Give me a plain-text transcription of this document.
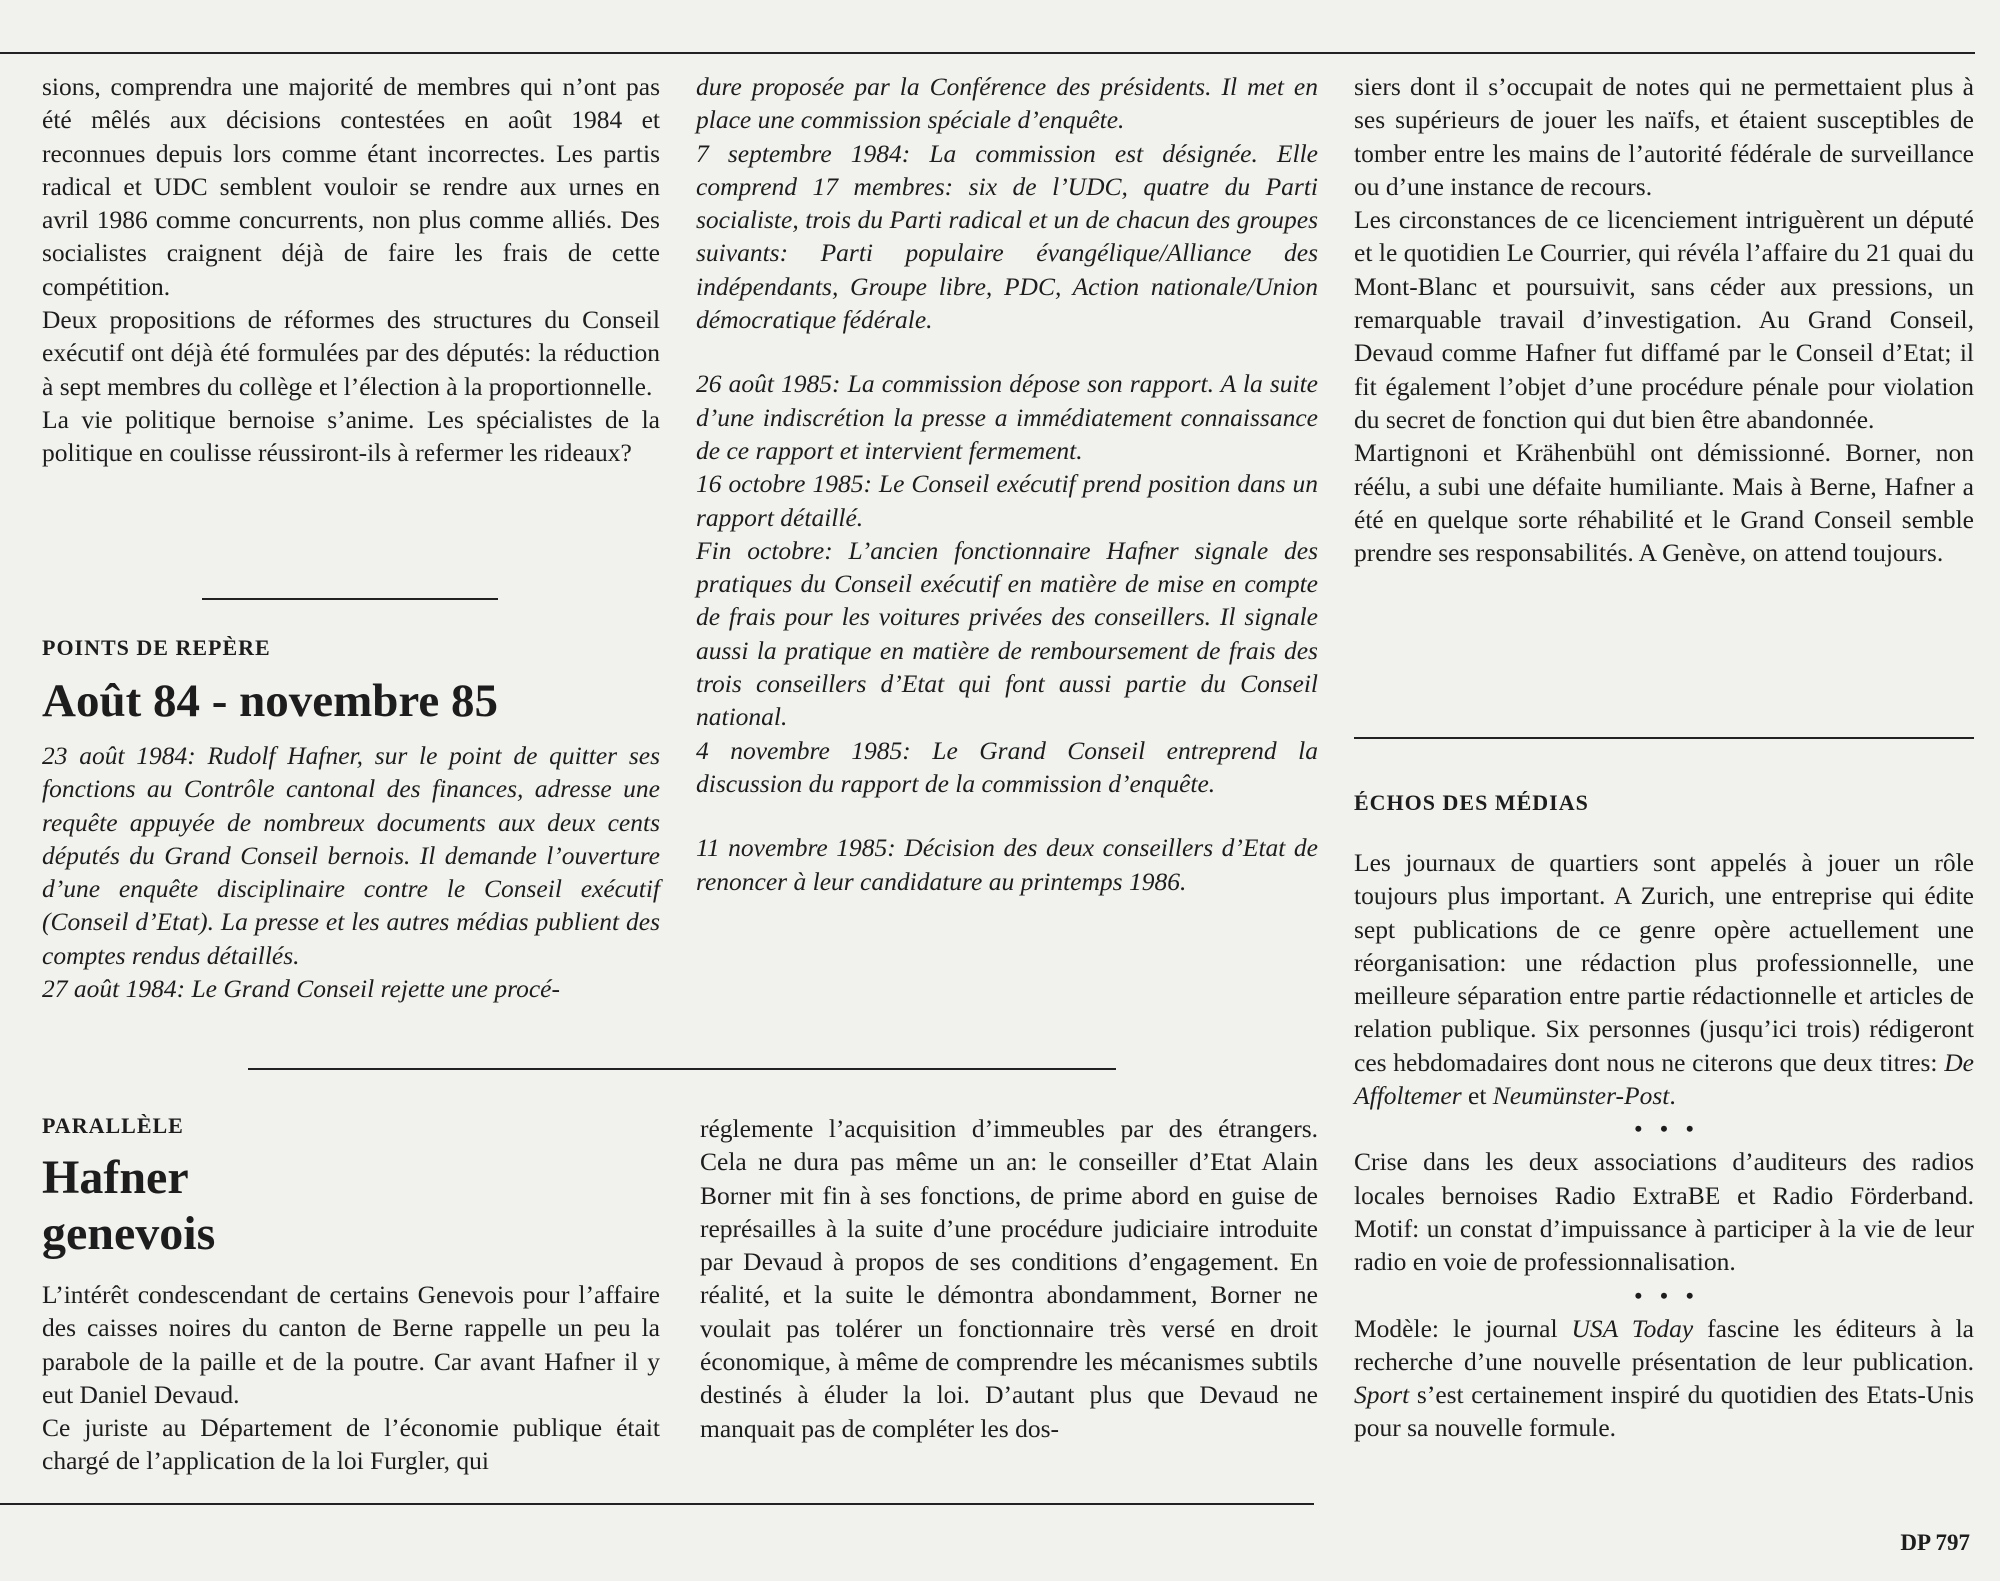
sions, comprendra une majorité de membres qui n’ont pas été mêlés aux décisions contestées en août 1984 et reconnues depuis lors comme étant incorrectes. Les partis radical et UDC semblent vouloir se rendre aux urnes en avril 1986 comme concurrents, non plus comme alliés. Des socialistes craignent déjà de faire les frais de cette compétition.

Deux propositions de réformes des structures du Conseil exécutif ont déjà été formulées par des députés: la réduction à sept membres du collège et l’élection à la proportionnelle.

La vie politique bernoise s’anime. Les spécialistes de la politique en coulisse réussiront-ils à refermer les rideaux?

POINTS DE REPÈRE
Août 84 - novembre 85

23 août 1984: Rudolf Hafner, sur le point de quitter ses fonctions au Contrôle cantonal des finances, adresse une requête appuyée de nombreux documents aux deux cents députés du Grand Conseil bernois. Il demande l’ouverture d’une enquête disciplinaire contre le Conseil exécutif (Conseil d’Etat). La presse et les autres médias publient des comptes rendus détaillés.

27 août 1984: Le Grand Conseil rejette une procé-

dure proposée par la Conférence des présidents. Il met en place une commission spéciale d’enquête.

7 septembre 1984: La commission est désignée. Elle comprend 17 membres: six de l’UDC, quatre du Parti socialiste, trois du Parti radical et un de chacun des groupes suivants: Parti populaire évangélique/Alliance des indépendants, Groupe libre, PDC, Action nationale/Union démocratique fédérale.

26 août 1985: La commission dépose son rapport. A la suite d’une indiscrétion la presse a immédiatement connaissance de ce rapport et intervient fermement.

16 octobre 1985: Le Conseil exécutif prend position dans un rapport détaillé.

Fin octobre: L’ancien fonctionnaire Hafner signale des pratiques du Conseil exécutif en matière de mise en compte de frais pour les voitures privées des conseillers. Il signale aussi la pratique en matière de remboursement de frais des trois conseillers d’Etat qui font aussi partie du Conseil national.

4 novembre 1985: Le Grand Conseil entreprend la discussion du rapport de la commission d’enquête.

11 novembre 1985: Décision des deux conseillers d’Etat de renoncer à leur candidature au printemps 1986.

PARALLÈLE
Hafner
genevois

L’intérêt condescendant de certains Genevois pour l’affaire des caisses noires du canton de Berne rappelle un peu la parabole de la paille et de la poutre. Car avant Hafner il y eut Daniel Devaud.

Ce juriste au Département de l’économie publique était chargé de l’application de la loi Furgler, qui

réglemente l’acquisition d’immeubles par des étrangers. Cela ne dura pas même un an: le conseiller d’Etat Alain Borner mit fin à ses fonctions, de prime abord en guise de représailles à la suite d’une procédure judiciaire introduite par Devaud à propos de ses conditions d’engagement. En réalité, et la suite le démontra abondamment, Borner ne voulait pas tolérer un fonctionnaire très versé en droit économique, à même de comprendre les mécanismes subtils destinés à éluder la loi. D’autant plus que Devaud ne manquait pas de compléter les dos-

siers dont il s’occupait de notes qui ne permettaient plus à ses supérieurs de jouer les naïfs, et étaient susceptibles de tomber entre les mains de l’autorité fédérale de surveillance ou d’une instance de recours.

Les circonstances de ce licenciement intriguèrent un député et le quotidien Le Courrier, qui révéla l’affaire du 21 quai du Mont-Blanc et poursuivit, sans céder aux pressions, un remarquable travail d’investigation. Au Grand Conseil, Devaud comme Hafner fut diffamé par le Conseil d’Etat; il fit également l’objet d’une procédure pénale pour violation du secret de fonction qui dut bien être abandonnée.

Martignoni et Krähenbühl ont démissionné. Borner, non réélu, a subi une défaite humiliante. Mais à Berne, Hafner a été en quelque sorte réhabilité et le Grand Conseil semble prendre ses responsabilités. A Genève, on attend toujours.

ÉCHOS DES MÉDIAS

Les journaux de quartiers sont appelés à jouer un rôle toujours plus important. A Zurich, une entreprise qui édite sept publications de ce genre opère actuellement une réorganisation: une rédaction plus professionnelle, une meilleure séparation entre partie rédactionnelle et articles de relation publique. Six personnes (jusqu’ici trois) rédigeront ces hebdomadaires dont nous ne citerons que deux titres: De Affoltemer et Neumünster-Post.

•••

Crise dans les deux associations d’auditeurs des radios locales bernoises Radio ExtraBE et Radio Förderband. Motif: un constat d’impuissance à participer à la vie de leur radio en voie de professionnalisation.

•••

Modèle: le journal USA Today fascine les éditeurs à la recherche d’une nouvelle présentation de leur publication. Sport s’est certainement inspiré du quotidien des Etats-Unis pour sa nouvelle formule.

DP 797
